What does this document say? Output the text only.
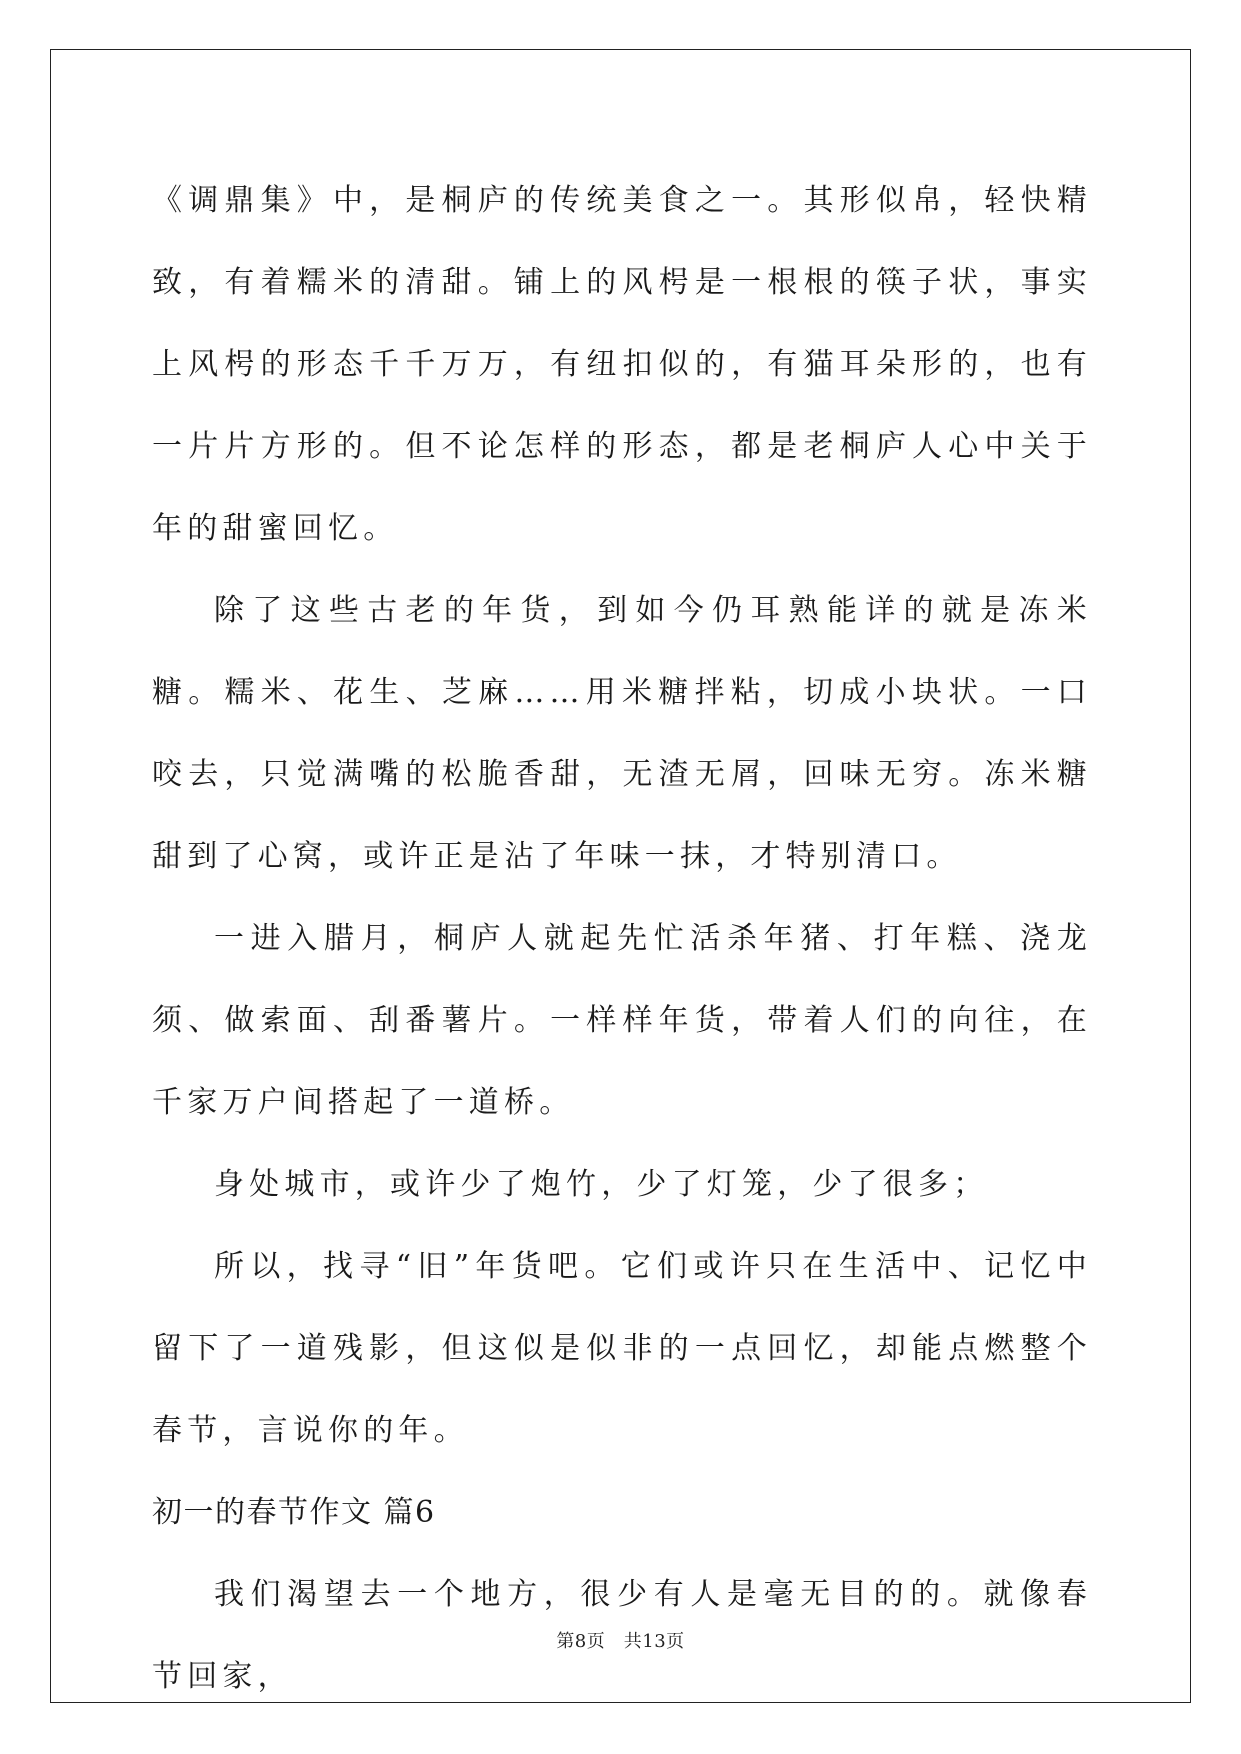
《调鼎集》中，是桐庐的传统美食之一。其形似帛，轻快精致，有着糯米的清甜。铺上的风枵是一根根的筷子状，事实上风枵的形态千千万万，有纽扣似的，有猫耳朵形的，也有一片片方形的。但不论怎样的形态，都是老桐庐人心中关于年的甜蜜回忆。

除了这些古老的年货，到如今仍耳熟能详的就是冻米糖。糯米、花生、芝麻……用米糖拌粘，切成小块状。一口咬去，只觉满嘴的松脆香甜，无渣无屑，回味无穷。冻米糖甜到了心窝，或许正是沾了年味一抹，才特别清口。

一进入腊月，桐庐人就起先忙活杀年猪、打年糕、浇龙须、做索面、刮番薯片。一样样年货，带着人们的向往，在千家万户间搭起了一道桥。

身处城市，或许少了炮竹，少了灯笼，少了很多；

所以，找寻“旧”年货吧。它们或许只在生活中、记忆中留下了一道残影，但这似是似非的一点回忆，却能点燃整个春节，言说你的年。

初一的春节作文 篇6

我们渴望去一个地方，很少有人是毫无目的的。就像春节回家，

第8页　共13页
